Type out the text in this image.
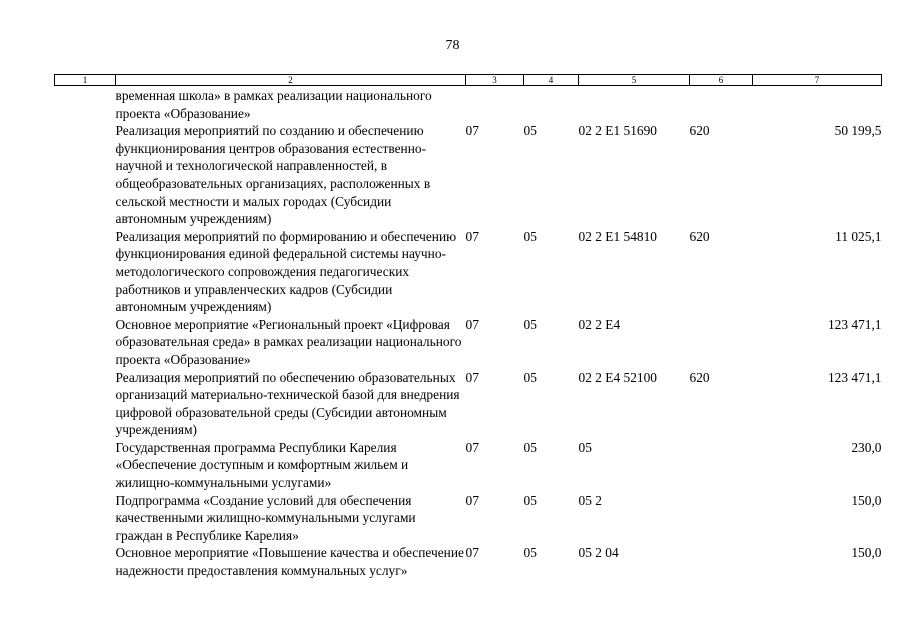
78
1	2	3	4	5	6	7
	временная школа» в рамках реализации национального проекта «Образование»					
	Реализация мероприятий по созданию и обеспечению функционирования центров образования естественно-научной и технологической направленностей, в общеобразовательных организациях, расположенных в сельской местности и малых городах (Субсидии автономным учреждениям)	07	05	02 2 Е1 51690	620	50 199,5
	Реализация мероприятий по формированию и обеспечению функционирования единой федеральной системы научно-методологического сопровождения педагогических работников и управленческих кадров (Субсидии автономным учреждениям)	07	05	02 2 Е1 54810	620	11 025,1
	Основное мероприятие «Региональный проект «Цифровая образовательная среда» в рамках реализации национального проекта «Образование»	07	05	02 2 Е4		123 471,1
	Реализация мероприятий по обеспечению образовательных организаций материально-технической базой для внедрения цифровой образовательной среды (Субсидии автономным учреждениям)	07	05	02 2 Е4 52100	620	123 471,1
	Государственная программа Республики Карелия «Обеспечение доступным и комфортным жильем и жилищно-коммунальными услугами»	07	05	05		230,0
	Подпрограмма «Создание условий для обеспечения качественными жилищно-коммунальными услугами граждан в Республике Карелия»	07	05	05 2		150,0
	Основное мероприятие «Повышение качества и обеспечение надежности предоставления коммунальных услуг»	07	05	05 2 04		150,0
